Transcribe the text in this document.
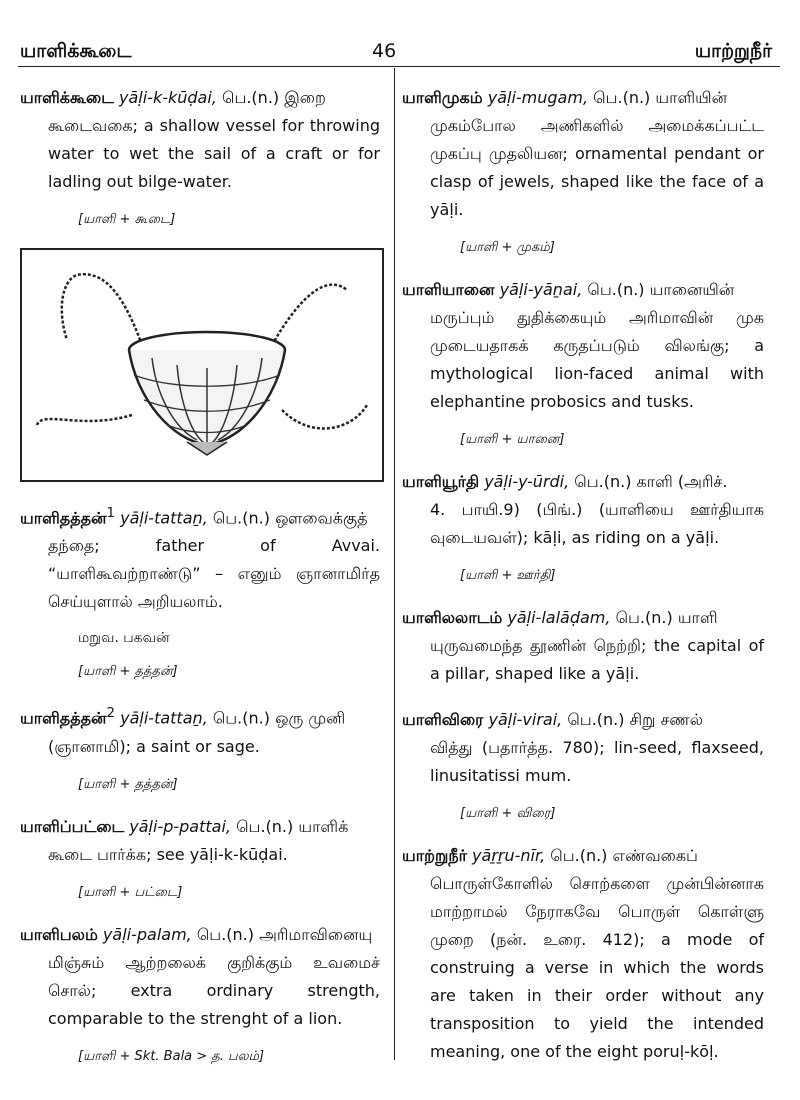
யாளிக்கூடை	46	யாற்றுநீர்

யாளிக்கூடை yāḷi-k-kūḍai, பெ.(n.) இறை

கூடைவகை; a shallow vessel for throwing water to wet the sail of a craft or for ladling out bilge-water.

[யாளி + கூடை]

யாளிதத்தன்$^1$ yāḷi-tattaṉ, பெ.(n.) ஔவைக்குத்

தந்தை; father of Avvai. “யாளிகூவற்றாண்டு” – எனும் ஞானாமிர்த செய்யுளால் அறியலாம்.

மறுவ. பகவன்
[யாளி + தத்தன்]

யாளிதத்தன்$^2$ yāḷi-tattaṉ, பெ.(n.) ஒரு முனி

(ஞானாமி); a saint or sage.

[யாளி + தத்தன்]

யாளிப்பட்டை yāḷi-p-pattai, பெ.(n.) யாளிக்

கூடை பார்க்க; see yāḷi-k-kūḍai.

[யாளி + பட்டை]

யாளிபலம் yāḷi-palam, பெ.(n.) அரிமாவினையு

மிஞ்சும் ஆற்றலைக் குறிக்கும் உவமைச் சொல்; extra ordinary strength, comparable to the strenght of a lion.

[யாளி + Skt. Bala > த. பலம்]

யாளிமுகம் yāḷi-mugam, பெ.(n.) யாளியின்

முகம்போல அணிகளில் அமைக்கப்பட்ட முகப்பு முதலியன; ornamental pendant or clasp of jewels, shaped like the face of a yāḷi.

[யாளி + முகம்]

யாளியானை yāḷi-yāṉai, பெ.(n.) யானையின்

மருப்பும் துதிக்கையும் அரிமாவின் முக முடையதாகக் கருதப்படும் விலங்கு; a mythological lion-faced animal with elephantine probosics and tusks.

[யாளி + யானை]

யாளியூர்தி yāḷi-y-ūrdi, பெ.(n.) காளி (அரிச்.

4. பாயி.9) (பிங்.) (யாளியை ஊர்தியாக வுடையவள்); kāḷi, as riding on a yāḷi.

[யாளி + ஊர்தி]

யாளிலலாடம் yāḷi-lalāḍam, பெ.(n.) யாளி

யுருவமைந்த தூணின் நெற்றி; the capital of a pillar, shaped like a yāḷi.

யாளிவிரை yāḷi-virai, பெ.(n.) சிறு சணல்

வித்து (பதார்த்த. 780); lin-seed, flaxseed, linusitatissi mum.

[யாளி + விரை]

யாற்றுநீர் yāṟṟu-nīr, பெ.(n.) எண்வகைப்

பொருள்கோளில் சொற்களை முன்பின்னாக மாற்றாமல் நேராகவே பொருள் கொள்ளு முறை (நன். உரை. 412); a mode of construing a verse in which the words are taken in their order without any transposition to yield the intended meaning, one of the eight poruḷ-kōḷ.
